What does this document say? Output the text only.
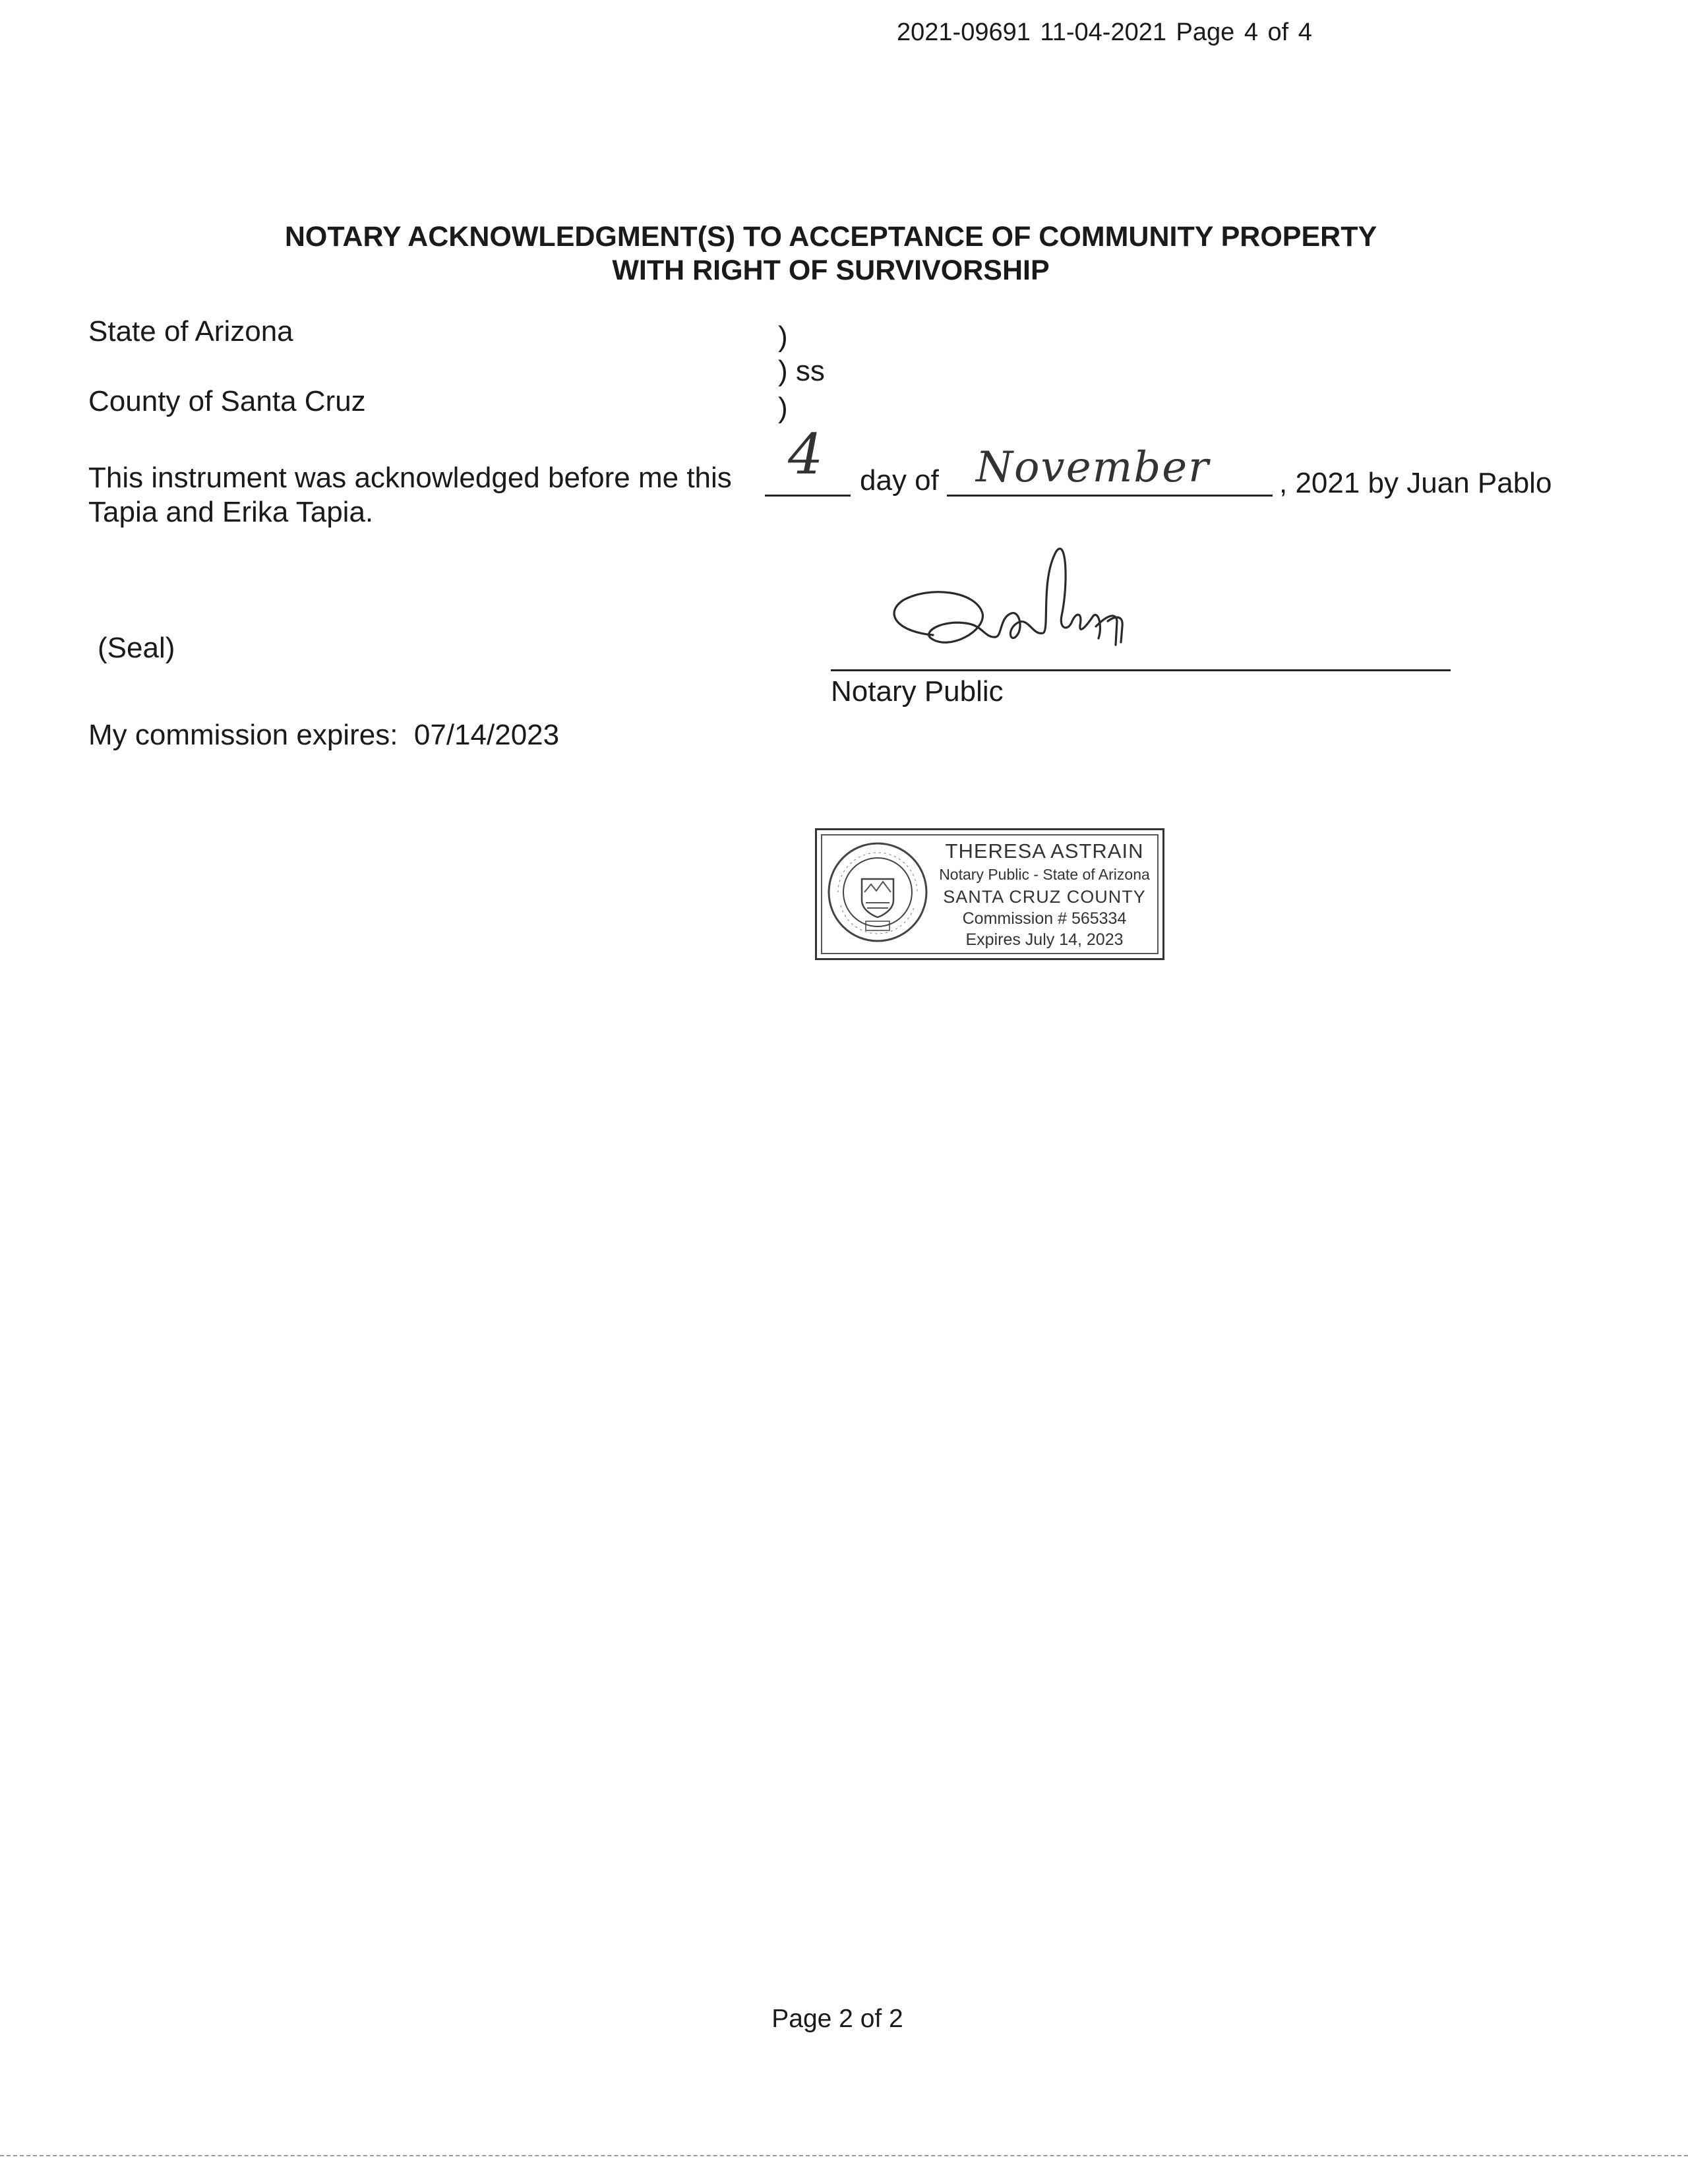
2021-09691 11-04-2021 Page 4 of 4
NOTARY ACKNOWLEDGMENT(S) TO ACCEPTANCE OF COMMUNITY PROPERTY
WITH RIGHT OF SURVIVORSHIP
State of Arizona	)
) ss
)
County of Santa Cruz
This instrument was acknowledged before me this 4 day of November , 2021 by Juan Pablo
Tapia and Erika Tapia.
(Seal)
Notary Public
My commission expires: 07/14/2023
THERESA ASTRAIN
Notary Public - State of Arizona
SANTA CRUZ COUNTY
Commission # 565334
Expires July 14, 2023
Page 2 of 2
